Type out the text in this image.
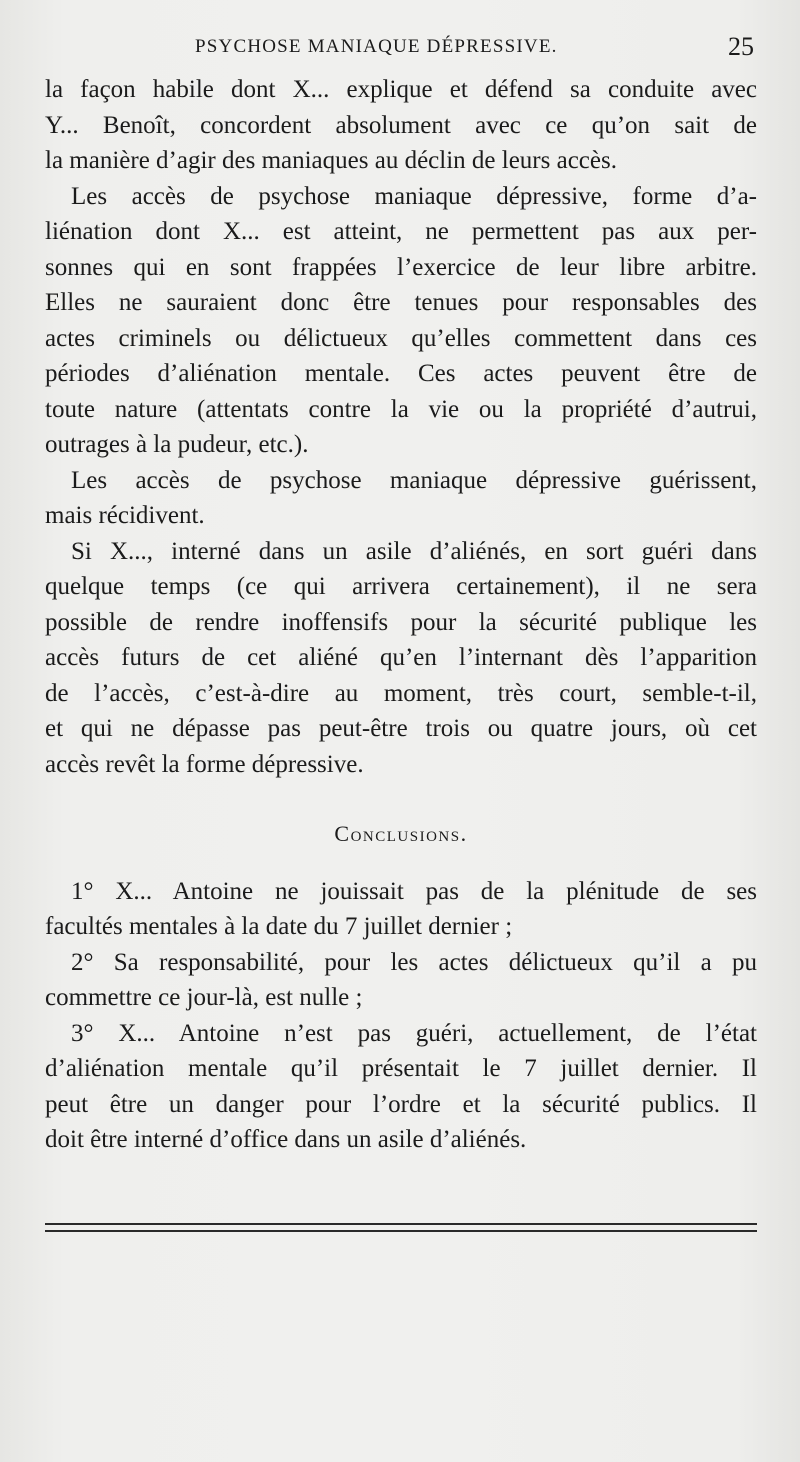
PSYCHOSE MANIAQUE DÉPRESSIVE.	25
la façon habile dont X... explique et défend sa conduite avec
Y... Benoît, concordent absolument avec ce qu’on sait de
la manière d’agir des maniaques au déclin de leurs accès.
Les accès de psychose maniaque dépressive, forme d’a-
liénation dont X... est atteint, ne permettent pas aux per-
sonnes qui en sont frappées l’exercice de leur libre arbitre.
Elles ne sauraient donc être tenues pour responsables des
actes criminels ou délictueux qu’elles commettent dans ces
périodes d’aliénation mentale. Ces actes peuvent être de
toute nature (attentats contre la vie ou la propriété d’autrui,
outrages à la pudeur, etc.).
Les accès de psychose maniaque dépressive guérissent,
mais récidivent.
Si X..., interné dans un asile d’aliénés, en sort guéri dans
quelque temps (ce qui arrivera certainement), il ne sera
possible de rendre inoffensifs pour la sécurité publique les
accès futurs de cet aliéné qu’en l’internant dès l’apparition
de l’accès, c’est-à-dire au moment, très court, semble-t-il,
et qui ne dépasse pas peut-être trois ou quatre jours, où cet
accès revêt la forme dépressive.
Conclusions.
1° X... Antoine ne jouissait pas de la plénitude de ses
facultés mentales à la date du 7 juillet dernier ;
2° Sa responsabilité, pour les actes délictueux qu’il a pu
commettre ce jour-là, est nulle ;
3° X... Antoine n’est pas guéri, actuellement, de l’état
d’aliénation mentale qu’il présentait le 7 juillet dernier. Il
peut être un danger pour l’ordre et la sécurité publics. Il
doit être interné d’office dans un asile d’aliénés.
